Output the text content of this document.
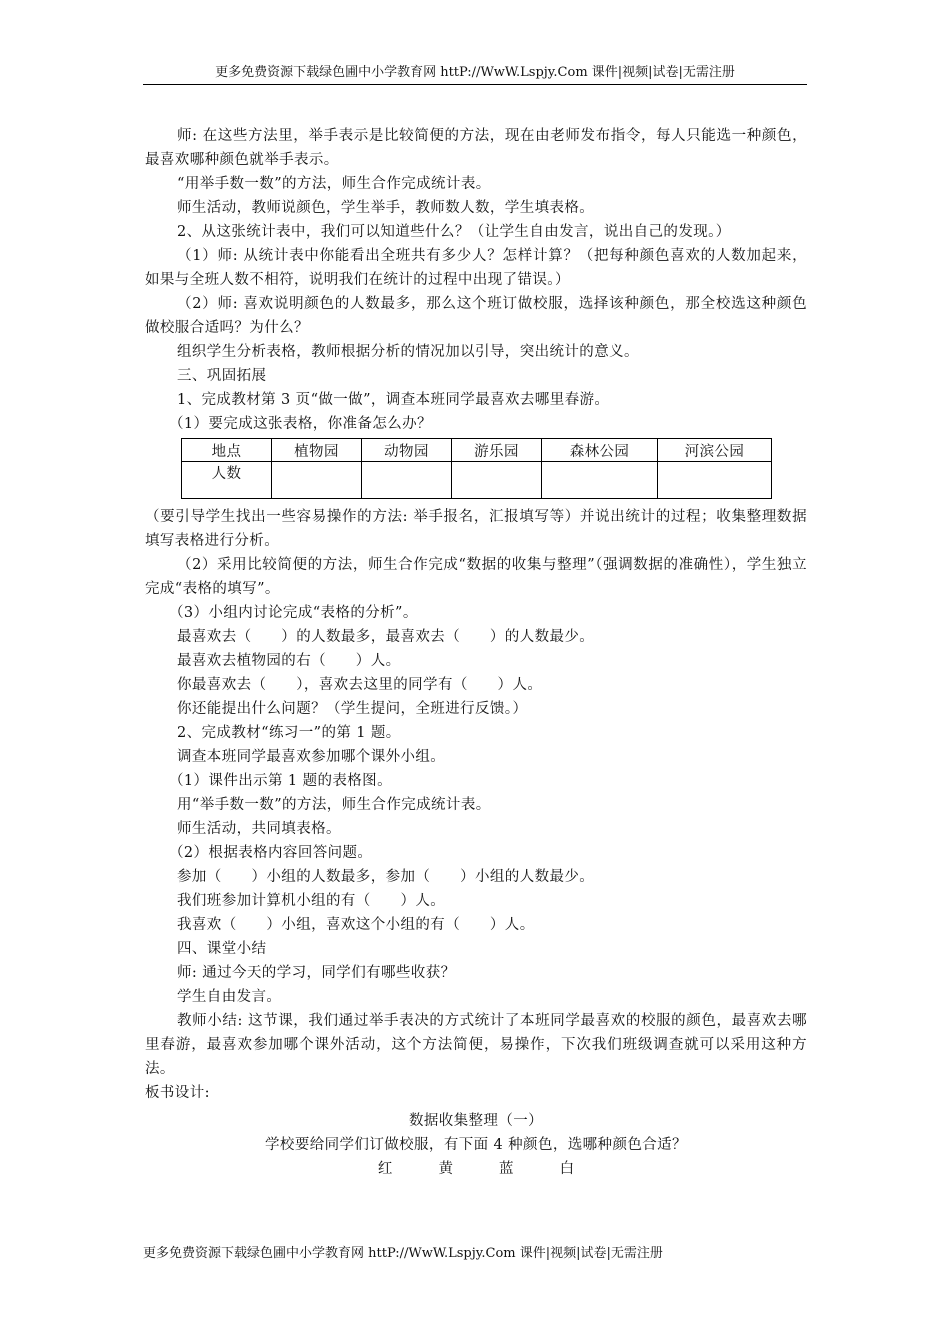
更多免费资源下载绿色圃中小学教育网 httP://WwW.Lspjy.Com 课件|视频|试卷|无需注册

师: 在这些方法里，举手表示是比较简便的方法，现在由老师发布指令，每人只能选一种颜色，最喜欢哪种颜色就举手表示。

“用举手数一数”的方法，师生合作完成统计表。

师生活动，教师说颜色，学生举手，教师数人数，学生填表格。

2、从这张统计表中，我们可以知道些什么？（让学生自由发言，说出自己的发现。）

（1）师: 从统计表中你能看出全班共有多少人？怎样计算？（把每种颜色喜欢的人数加起来，如果与全班人数不相符，说明我们在统计的过程中出现了错误。）

（2）师: 喜欢说明颜色的人数最多，那么这个班订做校服，选择该种颜色，那全校选这种颜色做校服合适吗？为什么？

组织学生分析表格，教师根据分析的情况加以引导，突出统计的意义。

三、巩固拓展

1、完成教材第 3 页“做一做”，调查本班同学最喜欢去哪里春游。

（1）要完成这张表格，你准备怎么办？

地点	植物园	动物园	游乐园	森林公园	河滨公园
人数					

（要引导学生找出一些容易操作的方法: 举手报名，汇报填写等）并说出统计的过程；收集整理数据填写表格进行分析。

（2）采用比较简便的方法，师生合作完成“数据的收集与整理”（强调数据的准确性），学生独立完成“表格的填写”。

（3）小组内讨论完成“表格的分析”。

最喜欢去（　　）的人数最多，最喜欢去（　　）的人数最少。

最喜欢去植物园的右（　　）人。

你最喜欢去（　　），喜欢去这里的同学有（　　）人。

你还能提出什么问题？（学生提问，全班进行反馈。）

2、完成教材“练习一”的第 1 题。

调查本班同学最喜欢参加哪个课外小组。

（1）课件出示第 1 题的表格图。

用“举手数一数”的方法，师生合作完成统计表。

师生活动，共同填表格。

（2）根据表格内容回答问题。

参加（　　）小组的人数最多，参加（　　）小组的人数最少。

我们班参加计算机小组的有（　　）人。

我喜欢（　　）小组，喜欢这个小组的有（　　）人。

四、课堂小结

师: 通过今天的学习，同学们有哪些收获？

学生自由发言。

教师小结: 这节课，我们通过举手表决的方式统计了本班同学最喜欢的校服的颜色，最喜欢去哪里春游，最喜欢参加哪个课外活动，这个方法简便，易操作，下次我们班级调查就可以采用这种方法。

板书设计:

数据收集整理（一）

学校要给同学们订做校服，有下面 4 种颜色，选哪种颜色合适？

红	黄	蓝	白

更多免费资源下载绿色圃中小学教育网 httP://WwW.Lspjy.Com 课件|视频|试卷|无需注册
